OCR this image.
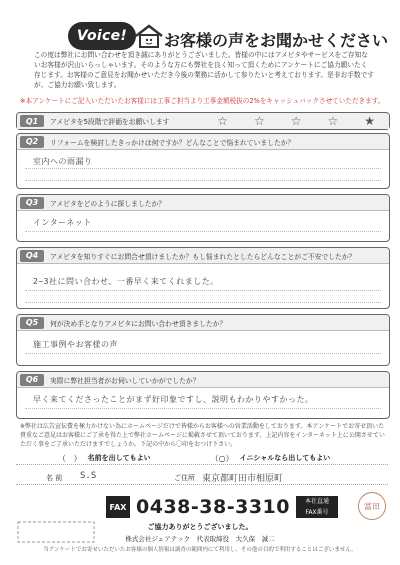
Voice!	お客様の声をお聞かせください
この度は弊社にお問い合わせを頂き誠にありがとうございました。皆様の中にはアメピタやサービスをご存知ないお客様が沢山いらっしゃいます。そのような方にも弊社を良く知って頂くためにアンケートにご協力願いたく存じます。お客様のご意見をお聞かせいただき今後の業務に活かして参りたいと考えております。是非お手数ですが、ご協力お願い致します。
※本アンケートにご記入いただいたお客様には工事ご担当より工事金額税抜の2%をキャッシュバックさせていただきます。
Q1	アメピタを5段階で評価をお願いします	☆ ☆ ☆ ☆ ★
Q2	リフォームを検討したきっかけは何ですか？どんなことで悩まれていましたか？
室内への雨漏り
Q3	アメピタをどのように探しましたか？
インターネット
Q4	アメピタを知りすぐにお問合せ頂けましたか？もし悩まれたとしたらどんなことがご不安でしたか？
2~3社に問い合わせ、一番早く来てくれました。
Q5	何が決め手となりアメピタにお問い合わせ頂きましたか？
施工事例やお客様の声
Q6	実際に弊社担当者がお伺いしていかがでしたか？
早く来てくださったことがまず好印象ですし、説明もわかりやすかった。
※弊社は広告宣伝費を極力かけない為にホームページだけで皆様からお客様への営業活動をしております。本アンケートでお寄せ頂いた貴重なご意見はお客様にご了承を得た上で弊社ホームページに掲載させて頂いております。上記内容をインターネット上に公開させていただく事をご了承いただけますでしょうか。下記の中から〇印をおつけ下さい。
（ ） 名前を出してもよい	（○） イニシャルなら出してもよい
名 前 S.S	ご住所 東京都町田市相原町
FAX 0438-38-3310	本社直通
FAX番号
富田
ご協力ありがとうございました。
株式会社ジェアテック　代表取締役　大久保　誠二
当アンケートでお寄せいただいたお客様の個人情報は調査の範囲内にて利用し、その他の目的で利用することはございません。
